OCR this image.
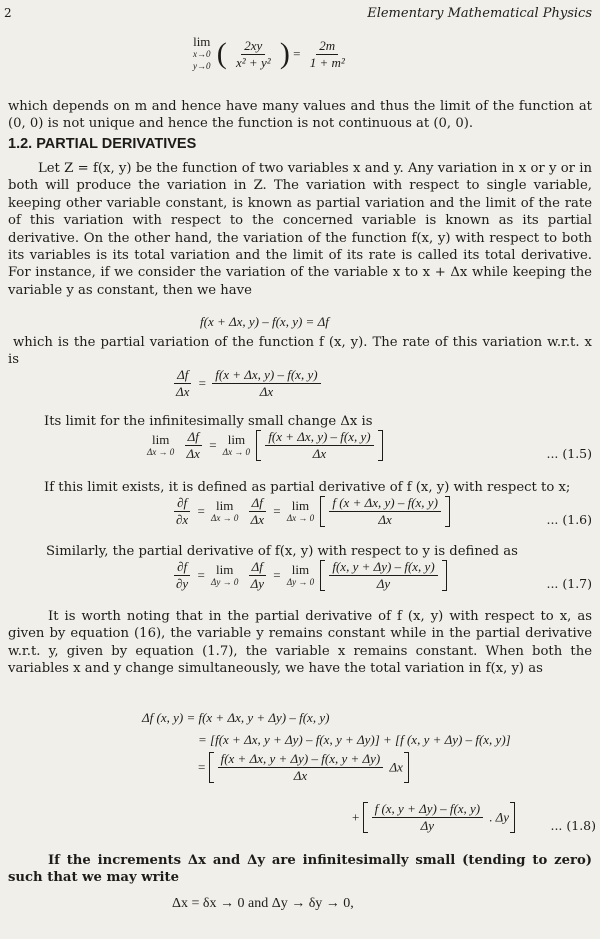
2	Elementary Mathematical Physics
lim
x→0
y→0 ( $\frac{2xy}{\text{x² + y²}}$ ) = $\frac{2m}{\text{1 + m²}}$
which depends on m and hence have many values and thus the limit of the function at (0, 0) is not unique and hence the function is not continuous at (0, 0).
1.2. PARTIAL DERIVATIVES
Let Z = f(x, y) be the function of two variables x and y. Any variation in x or y or in both will produce the variation in Z. The variation with respect to single variable, keeping other variable constant, is known as partial variation and the limit of the rate of this variation with respect to the concerned variable is known as its partial derivative. On the other hand, the variation of the function f(x, y) with respect to both its variables is its total variation and the limit of its rate is called its total derivative. For instance, if we consider the variation of the variable x to x + Δx while keeping the variable y as constant, then we have
f(x + Δx, y) – f(x, y) = Δf
which is the partial variation of the function f (x, y). The rate of this variation w.r.t. x is
$\frac{\Delta f}{\Delta x} = \frac{f(x + \Delta x, y) - f(x, y)}{\Delta x}$
Its limit for the infinitesimally small change Δx is
lim
Δx → 0
$\frac{\Delta f}{\Delta x} = \lim$
Δx → 0
$\frac{f(x + \Delta x, y) - f(x, y)}{\Delta x}$	... (1.5)
If this limit exists, it is defined as partial derivative of f (x, y) with respect to x;
$\frac{\partial f}{\partial x} = \lim$
Δx → 0
$\frac{\Delta f}{\Delta x} = \lim$
Δx → 0
$\frac{f (x + \Delta x, y) - f(x, y)}{\Delta x}$	... (1.6)
Similarly, the partial derivative of f(x, y) with respect to y is defined as
$\frac{\partial f}{\partial y} = \lim$
Δy → 0
$\frac{\Delta f}{\Delta y} = \lim$
Δy → 0
$\frac{f(x, y + \Delta y) - f(x, y)}{\Delta y}$	... (1.7)
It is worth noting that in the partial derivative of f (x, y) with respect to x, as given by equation (16), the variable y remains constant while in the partial derivative w.r.t. y, given by equation (1.7), the variable x remains constant. When both the variables x and y change simultaneously, we have the total variation in f(x, y) as
Δf (x, y) = f(x + Δx, y + Δy) – f(x, y)
= [f(x + Δx, y + Δy) – f(x, y + Δy)] + [f (x, y + Δy) – f(x, y)]
= $\frac{f(x + \Delta x, y + \Delta y) - f(x, y + \Delta y)}{\Delta x}$ Δx
+ $\frac{f (x, y + \Delta y) - f(x, y)}{\Delta y}$ . Δy
... (1.8)
If the increments Δx and Δy are infinitesimally small (tending to zero) such that we may write
Δx = δx → 0 and Δy → δy → 0,
